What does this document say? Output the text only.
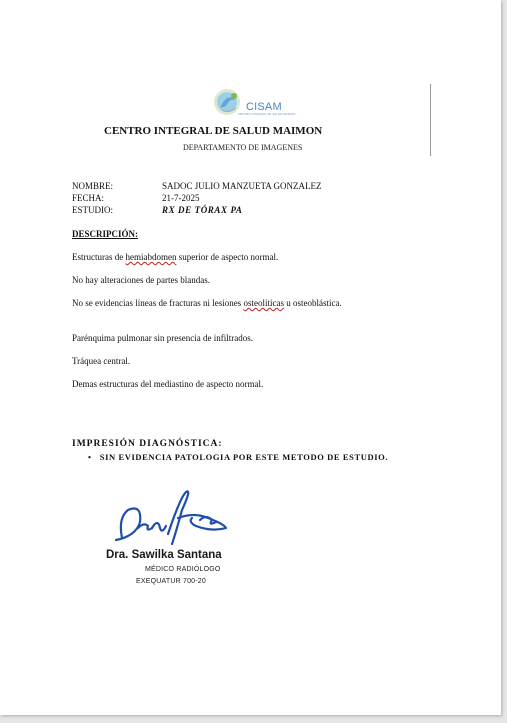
CISAM
CENTRO INTEGRAL DE SALUD MAIMON
CENTRO INTEGRAL DE SALUD MAIMON
DEPARTAMENTO DE IMAGENES
NOMBRE:	SADOC JULIO MANZUETA GONZALEZ
FECHA:	21-7-2025
ESTUDIO:	RX DE TÓRAX PA
DESCRIPCIÓN:
Estructuras de hemiabdomen superior de aspecto normal.
No hay alteraciones de partes blandas.
No se evidencias líneas de fracturas ni lesiones osteolíticas u osteoblástica.
Parénquima pulmonar sin presencia de infiltrados.
Tráquea central.
Demas estructuras del mediastino de aspecto normal.
IMPRESIÓN DIAGNÓSTICA:
•   SIN EVIDENCIA PATOLOGIA POR ESTE METODO DE ESTUDIO.
Dra. Sawilka Santana
MÉDICO RADIÓLOGO
EXEQUATUR 700-20
